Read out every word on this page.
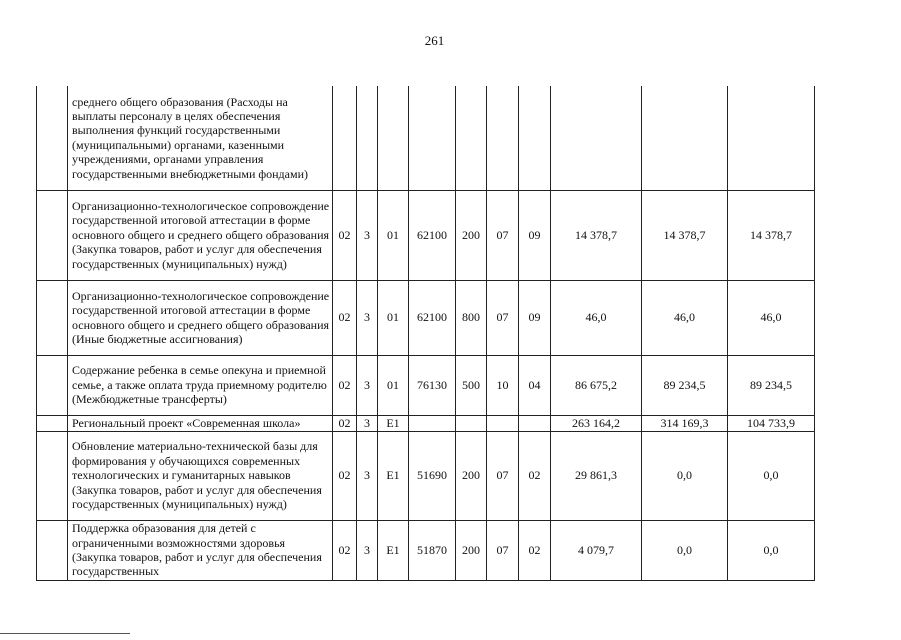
261
	среднего общего образования (Расходы на выплаты персоналу в целях обеспечения выполнения функций государственными (муниципальными) органами, казенными учреждениями, органами управления государственными внебюджетными фондами)										
	Организационно-технологическое сопровождение государственной итоговой аттестации в форме основного общего и среднего общего образования (Закупка товаров, работ и услуг для обеспечения государственных (муниципальных) нужд)	02	3	01	62100	200	07	09	14 378,7	14 378,7	14 378,7
	Организационно-технологическое сопровождение государственной итоговой аттестации в форме основного общего и среднего общего образования (Иные бюджетные ассигнования)	02	3	01	62100	800	07	09	46,0	46,0	46,0
	Содержание ребенка в семье опекуна и приемной семье, а также оплата труда приемному родителю (Межбюджетные трансферты)	02	3	01	76130	500	10	04	86 675,2	89 234,5	89 234,5
	Региональный проект «Современная школа»	02	3	E1					263 164,2	314 169,3	104 733,9
	Обновление материально-технической базы для формирования у обучающихся современных технологических и гуманитарных навыков (Закупка товаров, работ и услуг для обеспечения государственных (муниципальных) нужд)	02	3	E1	51690	200	07	02	29 861,3	0,0	0,0
	Поддержка образования для детей с ограниченными возможностями здоровья (Закупка товаров, работ и услуг для обеспечения государственных	02	3	E1	51870	200	07	02	4 079,7	0,0	0,0
